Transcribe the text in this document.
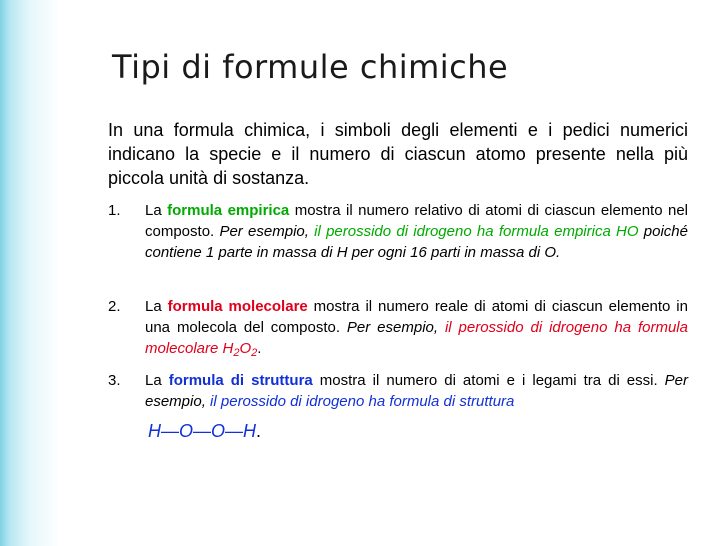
Tipi di formule chimiche
In una formula chimica, i simboli degli elementi e i pedici numerici indicano la specie e il numero di ciascun atomo presente nella più piccola unità di sostanza.
1. La formula empirica mostra il numero relativo di atomi di ciascun elemento nel composto. Per esempio, il perossido di idrogeno ha formula empirica HO poiché contiene 1 parte in massa di H per ogni 16 parti in massa di O.
2. La formula molecolare mostra il numero reale di atomi di ciascun elemento in una molecola del composto. Per esempio, il perossido di idrogeno ha formula molecolare $H_2O_2$.
3. La formula di struttura mostra il numero di atomi e i legami tra di essi. Per esempio, il perossido di idrogeno ha formula di struttura
H—O—O—H.
